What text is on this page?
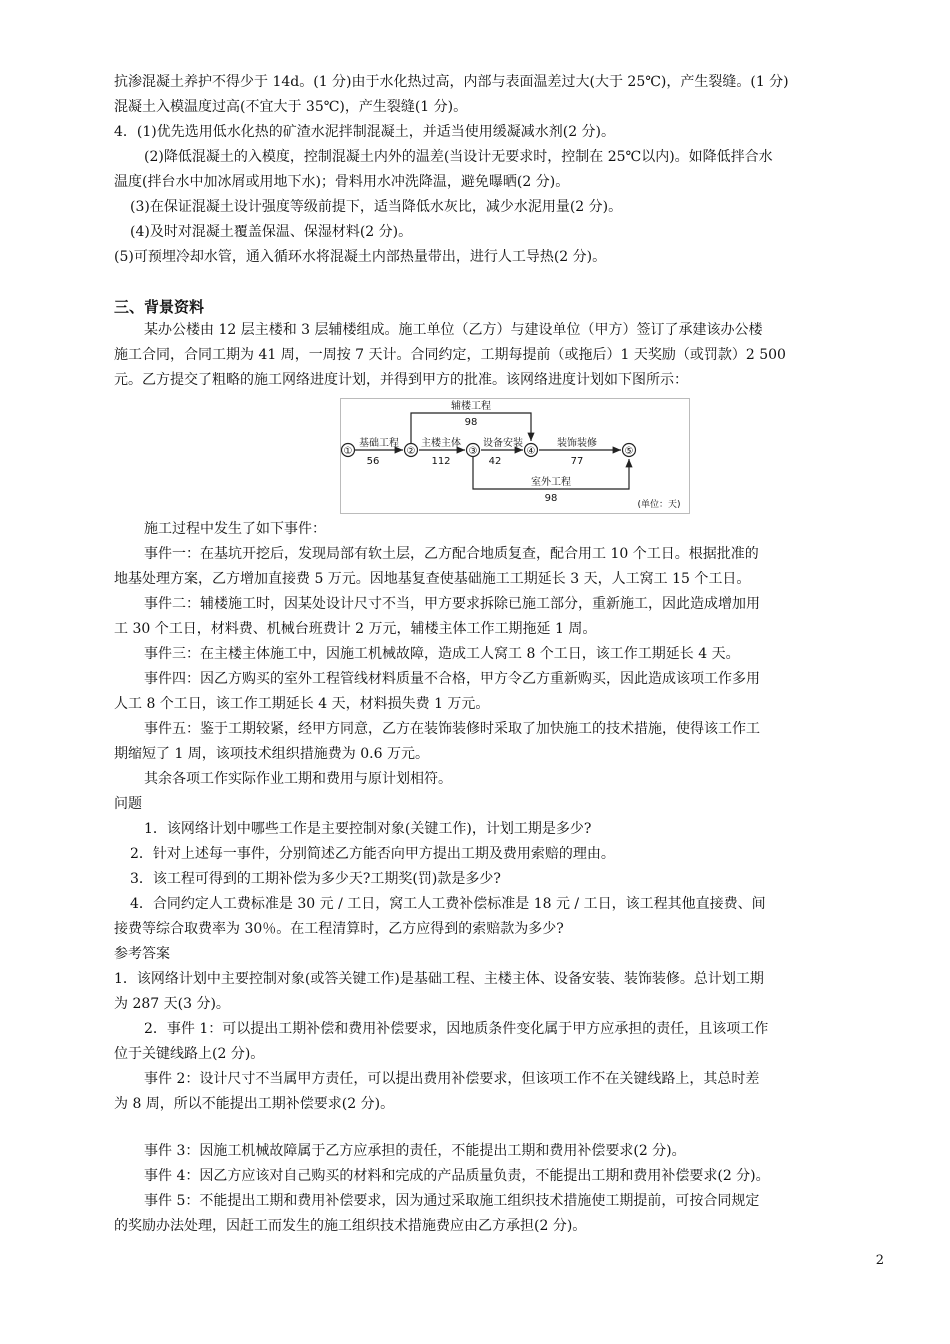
抗渗混凝土养护不得少于 14d。(1 分)由于水化热过高，内部与表面温差过大(大于 25℃)，产生裂缝。(1 分)
混凝土入模温度过高(不宜大于 35℃)，产生裂缝(1 分)。
4．(1)优先选用低水化热的矿渣水泥拌制混凝土，并适当使用缓凝减水剂(2 分)。
(2)降低混凝土的入模度，控制混凝土内外的温差(当设计无要求时，控制在 25℃以内)。如降低拌合水
温度(拌台水中加冰屑或用地下水)；骨料用水冲洗降温，避免曝晒(2 分)。
(3)在保证混凝土设计强度等级前提下，适当降低水灰比，减少水泥用量(2 分)。
(4)及时对混凝土覆盖保温、保湿材料(2 分)。
(5)可预埋冷却水管，通入循环水将混凝土内部热量带出，进行人工导热(2 分)。
三、背景资料
某办公楼由 12 层主楼和 3 层辅楼组成。施工单位（乙方）与建设单位（甲方）签订了承建该办公楼
施工合同，合同工期为 41 周，一周按 7 天计。合同约定，工期每提前（或拖后）1 天奖励（或罚款）2 500
元。乙方提交了粗略的施工网络进度计划，并得到甲方的批准。该网络进度计划如下图所示：
①	②	③	④	⑤
基础工程
56
主楼主体
112
设备安装
42
装饰装修
77
辅楼工程
98
室外工程
98
(单位：天)
施工过程中发生了如下事件：
事件一：在基坑开挖后，发现局部有软土层，乙方配合地质复查，配合用工 10 个工日。根据批准的
地基处理方案，乙方增加直接费 5 万元。因地基复查使基础施工工期延长 3 天，人工窝工 15 个工日。
事件二：辅楼施工时，因某处设计尺寸不当，甲方要求拆除已施工部分，重新施工，因此造成增加用
工 30 个工日，材料费、机械台班费计 2 万元，辅楼主体工作工期拖延 1 周。
事件三：在主楼主体施工中，因施工机械故障，造成工人窝工 8 个工日，该工作工期延长 4 天。
事件四：因乙方购买的室外工程管线材料质量不合格，甲方令乙方重新购买，因此造成该项工作多用
人工 8 个工日，该工作工期延长 4 天，材料损失费 1 万元。
事件五：鉴于工期较紧，经甲方同意，乙方在装饰装修时采取了加快施工的技术措施，使得该工作工
期缩短了 1 周，该项技术组织措施费为 0.6 万元。
其余各项工作实际作业工期和费用与原计划相符。
问题
1．该网络计划中哪些工作是主要控制对象(关键工作)，计划工期是多少?
2．针对上述每一事件，分别简述乙方能否向甲方提出工期及费用索赔的理由。
3．该工程可得到的工期补偿为多少天?工期奖(罚)款是多少?
4．合同约定人工费标准是 30 元 / 工日，窝工人工费补偿标准是 18 元 / 工日，该工程其他直接费、间
接费等综合取费率为 30％。在工程清算时，乙方应得到的索赔款为多少?
参考答案
1．该网络计划中主要控制对象(或答关键工作)是基础工程、主楼主体、设备安装、装饰装修。总计划工期
为 287 天(3 分)。
2．事件 1：可以提出工期补偿和费用补偿要求，因地质条件变化属于甲方应承担的责任，且该项工作
位于关键线路上(2 分)。
事件 2：设计尺寸不当属甲方责任，可以提出费用补偿要求，但该项工作不在关键线路上，其总时差
为 8 周，所以不能提出工期补偿要求(2 分)。
事件 3：因施工机械故障属于乙方应承担的责任，不能提出工期和费用补偿要求(2 分)。
事件 4：因乙方应该对自己购买的材料和完成的产品质量负责，不能提出工期和费用补偿要求(2 分)。
事件 5：不能提出工期和费用补偿要求，因为通过采取施工组织技术措施使工期提前，可按合同规定
的奖励办法处理，因赶工而发生的施工组织技术措施费应由乙方承担(2 分)。
2
